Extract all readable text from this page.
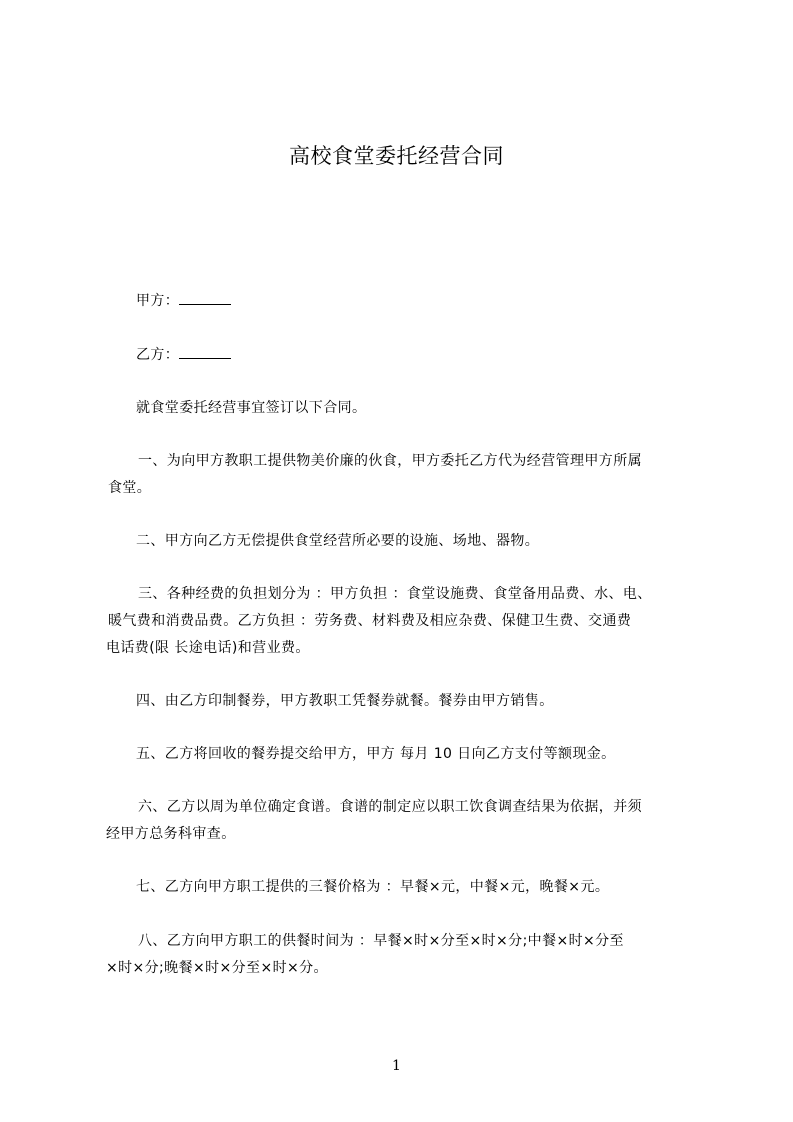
高校食堂委托经营合同
甲方：
乙方：
就食堂委托经营事宜签订以下合同。
一、为向甲方教职工提供物美价廉的伙食，甲方委托乙方代为经营管理甲方所属
食堂。
二、甲方向乙方无偿提供食堂经营所必要的设施、场地、器物。
三、各种经费的负担划分为 ：甲方负担 ：食堂设施费、食堂备用品费、水、电、
暖气费和消费品费。乙方负担 ：劳务费、材料费及相应杂费、保健卫生费、交通费
电话费(限 长途电话)和营业费。
四、由乙方印制餐券，甲方教职工凭餐券就餐。餐券由甲方销售。
五、乙方将回收的餐券提交给甲方，甲方 每月 10 日向乙方支付等额现金。
六、乙方以周为单位确定食谱。食谱的制定应以职工饮食调查结果为依据，并须
经甲方总务科审查。
七、乙方向甲方职工提供的三餐价格为 ：早餐×元，中餐×元，晚餐×元。
八、乙方向甲方职工的供餐时间为 ：早餐×时×分至×时×分;中餐×时×分至
×时×分;晚餐×时×分至×时×分。
1
